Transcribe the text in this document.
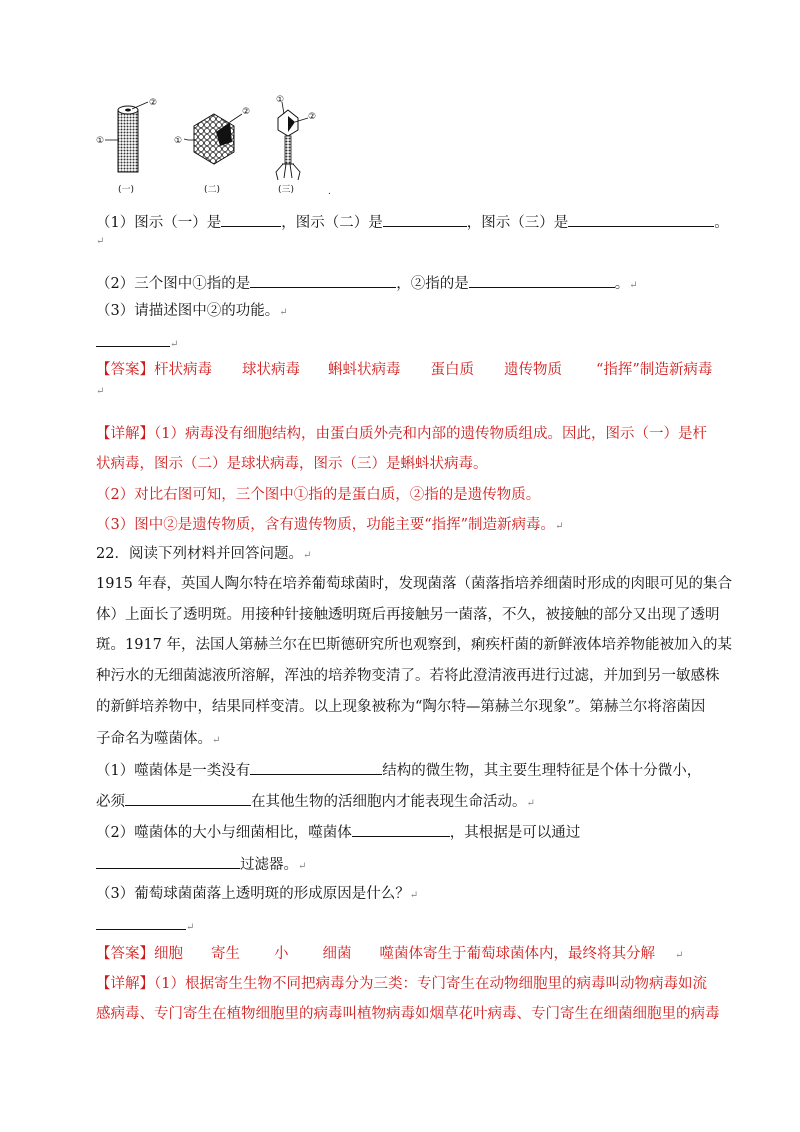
②
①
(一)
①
②
(二)
①
②
(三)	.
（1）图示（一）是	，图示（二）是	，图示（三）是	。
↵
（2）三个图中①指的是	，②指的是	。↵
（3）请描述图中②的功能。↵
↵
【答案】杆状病毒 球状病毒 蝌蚪状病毒 蛋白质 遗传物质 “指挥”制造新病毒
↵
【详解】（1）病毒没有细胞结构，由蛋白质外壳和内部的遗传物质组成。因此，图示（一）是杆
状病毒，图示（二）是球状病毒，图示（三）是蝌蚪状病毒。
（2）对比右图可知，三个图中①指的是蛋白质，②指的是遗传物质。
（3）图中②是遗传物质，含有遗传物质，功能主要“指挥”制造新病毒。↵
22．阅读下列材料并回答问题。↵
1915 年春，英国人陶尔特在培养葡萄球菌时，发现菌落（菌落指培养细菌时形成的肉眼可见的集合
体）上面长了透明斑。用接种针接触透明斑后再接触另一菌落，不久，被接触的部分又出现了透明
斑。1917 年，法国人第赫兰尔在巴斯德研究所也观察到，痢疾杆菌的新鲜液体培养物能被加入的某
种污水的无细菌滤液所溶解，浑浊的培养物变清了。若将此澄清液再进行过滤，并加到另一敏感株
的新鲜培养物中，结果同样变清。以上现象被称为“陶尔特—第赫兰尔现象”。第赫兰尔将溶菌因
子命名为噬菌体。↵
（1）噬菌体是一类没有	结构的微生物，其主要生理特征是个体十分微小，
必须	在其他生物的活细胞内才能表现生命活动。↵
（2）噬菌体的大小与细菌相比，噬菌体	，其根据是可以通过
过滤器。↵
（3）葡萄球菌菌落上透明斑的形成原因是什么？↵
↵
【答案】细胞 寄生 小 细菌 噬菌体寄生于葡萄球菌体内，最终将其分解 ↵
【详解】（1）根据寄生生物不同把病毒分为三类：专门寄生在动物细胞里的病毒叫动物病毒如流
感病毒、专门寄生在植物细胞里的病毒叫植物病毒如烟草花叶病毒、专门寄生在细菌细胞里的病毒
